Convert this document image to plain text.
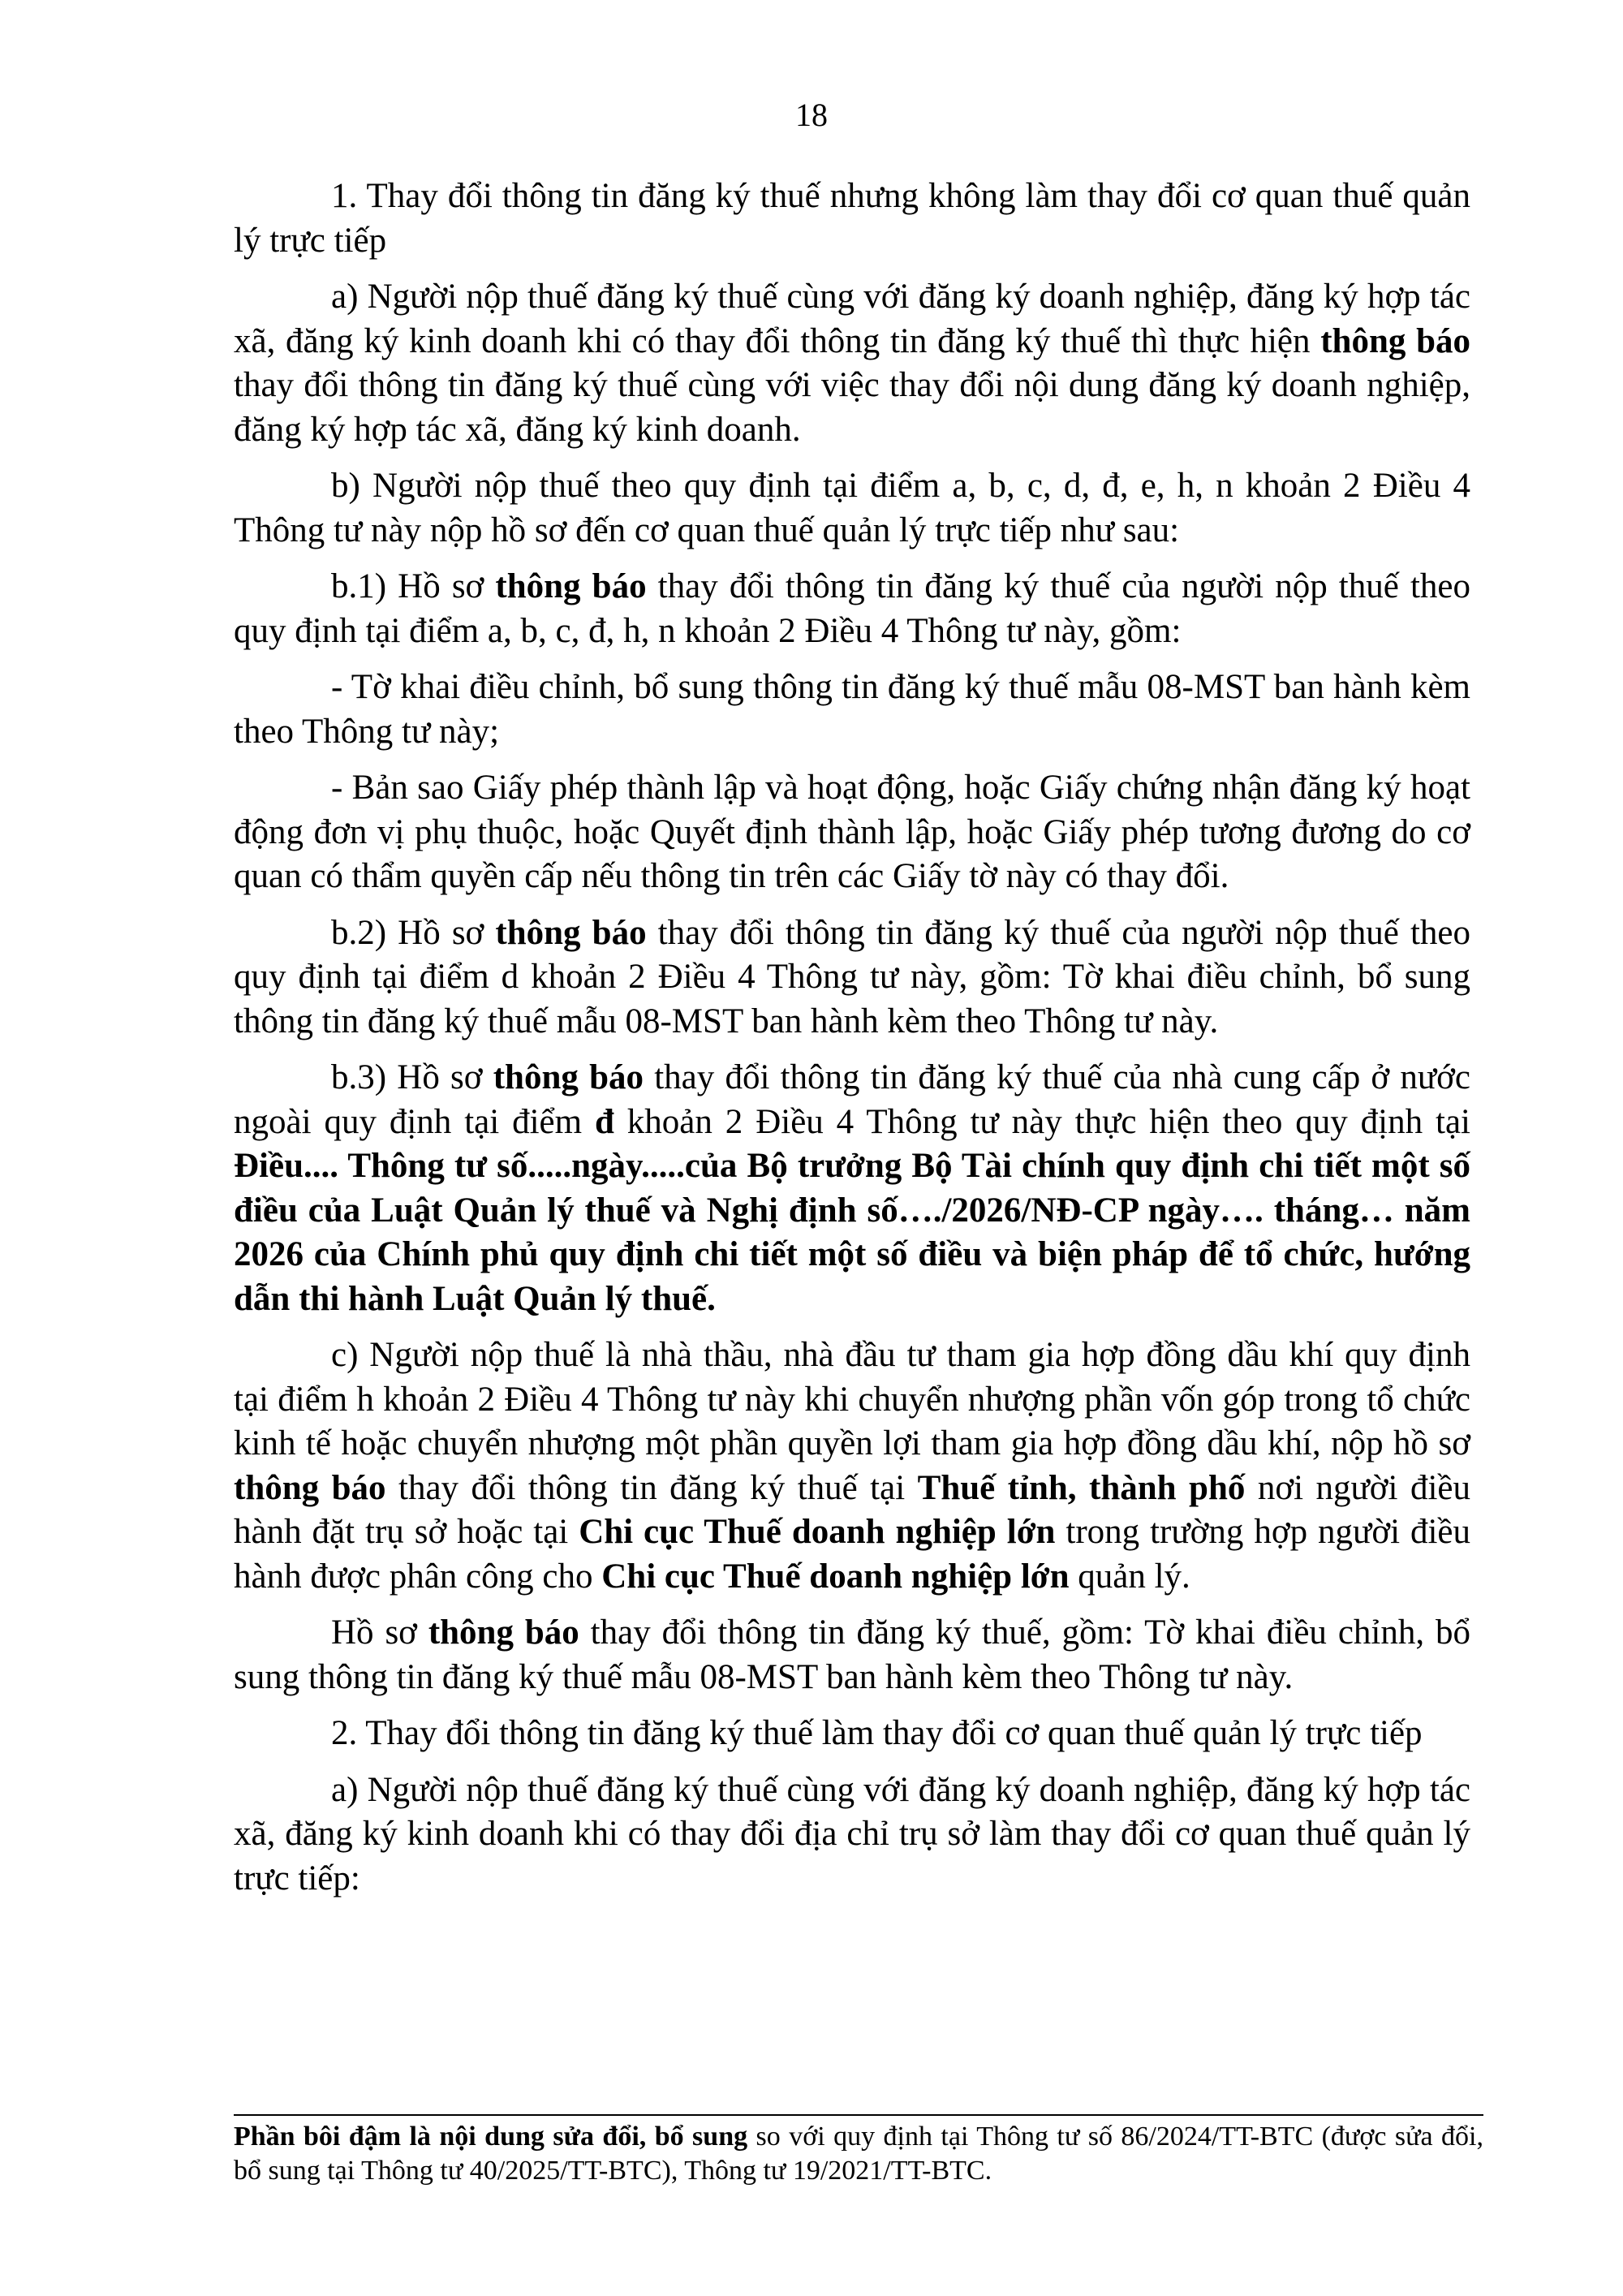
18

1. Thay đổi thông tin đăng ký thuế nhưng không làm thay đổi cơ quan thuế quản lý trực tiếp

a) Người nộp thuế đăng ký thuế cùng với đăng ký doanh nghiệp, đăng ký hợp tác xã, đăng ký kinh doanh khi có thay đổi thông tin đăng ký thuế thì thực hiện thông báo thay đổi thông tin đăng ký thuế cùng với việc thay đổi nội dung đăng ký doanh nghiệp, đăng ký hợp tác xã, đăng ký kinh doanh.

b) Người nộp thuế theo quy định tại điểm a, b, c, d, đ, e, h, n khoản 2 Điều 4 Thông tư này nộp hồ sơ đến cơ quan thuế quản lý trực tiếp như sau:

b.1) Hồ sơ thông báo thay đổi thông tin đăng ký thuế của người nộp thuế theo quy định tại điểm a, b, c, đ, h, n khoản 2 Điều 4 Thông tư này, gồm:

- Tờ khai điều chỉnh, bổ sung thông tin đăng ký thuế mẫu 08-MST ban hành kèm theo Thông tư này;

- Bản sao Giấy phép thành lập và hoạt động, hoặc Giấy chứng nhận đăng ký hoạt động đơn vị phụ thuộc, hoặc Quyết định thành lập, hoặc Giấy phép tương đương do cơ quan có thẩm quyền cấp nếu thông tin trên các Giấy tờ này có thay đổi.

b.2) Hồ sơ thông báo thay đổi thông tin đăng ký thuế của người nộp thuế theo quy định tại điểm d khoản 2 Điều 4 Thông tư này, gồm: Tờ khai điều chỉnh, bổ sung thông tin đăng ký thuế mẫu 08-MST ban hành kèm theo Thông tư này.

b.3) Hồ sơ thông báo thay đổi thông tin đăng ký thuế của nhà cung cấp ở nước ngoài quy định tại điểm đ khoản 2 Điều 4 Thông tư này thực hiện theo quy định tại Điều.... Thông tư số.....ngày.....của Bộ trưởng Bộ Tài chính quy định chi tiết một số điều của Luật Quản lý thuế và Nghị định số…./2026/NĐ-CP ngày…. tháng… năm 2026 của Chính phủ quy định chi tiết một số điều và biện pháp để tổ chức, hướng dẫn thi hành Luật Quản lý thuế.

c) Người nộp thuế là nhà thầu, nhà đầu tư tham gia hợp đồng dầu khí quy định tại điểm h khoản 2 Điều 4 Thông tư này khi chuyển nhượng phần vốn góp trong tổ chức kinh tế hoặc chuyển nhượng một phần quyền lợi tham gia hợp đồng dầu khí, nộp hồ sơ thông báo thay đổi thông tin đăng ký thuế tại Thuế tỉnh, thành phố nơi người điều hành đặt trụ sở hoặc tại Chi cục Thuế doanh nghiệp lớn trong trường hợp người điều hành được phân công cho Chi cục Thuế doanh nghiệp lớn quản lý.

Hồ sơ thông báo thay đổi thông tin đăng ký thuế, gồm: Tờ khai điều chỉnh, bổ sung thông tin đăng ký thuế mẫu 08-MST ban hành kèm theo Thông tư này.

2. Thay đổi thông tin đăng ký thuế làm thay đổi cơ quan thuế quản lý trực tiếp

a) Người nộp thuế đăng ký thuế cùng với đăng ký doanh nghiệp, đăng ký hợp tác xã, đăng ký kinh doanh khi có thay đổi địa chỉ trụ sở làm thay đổi cơ quan thuế quản lý trực tiếp:

Phần bôi đậm là nội dung sửa đổi, bổ sung so với quy định tại Thông tư số 86/2024/TT-BTC (được sửa đổi, bổ sung tại Thông tư 40/2025/TT-BTC), Thông tư 19/2021/TT-BTC.
